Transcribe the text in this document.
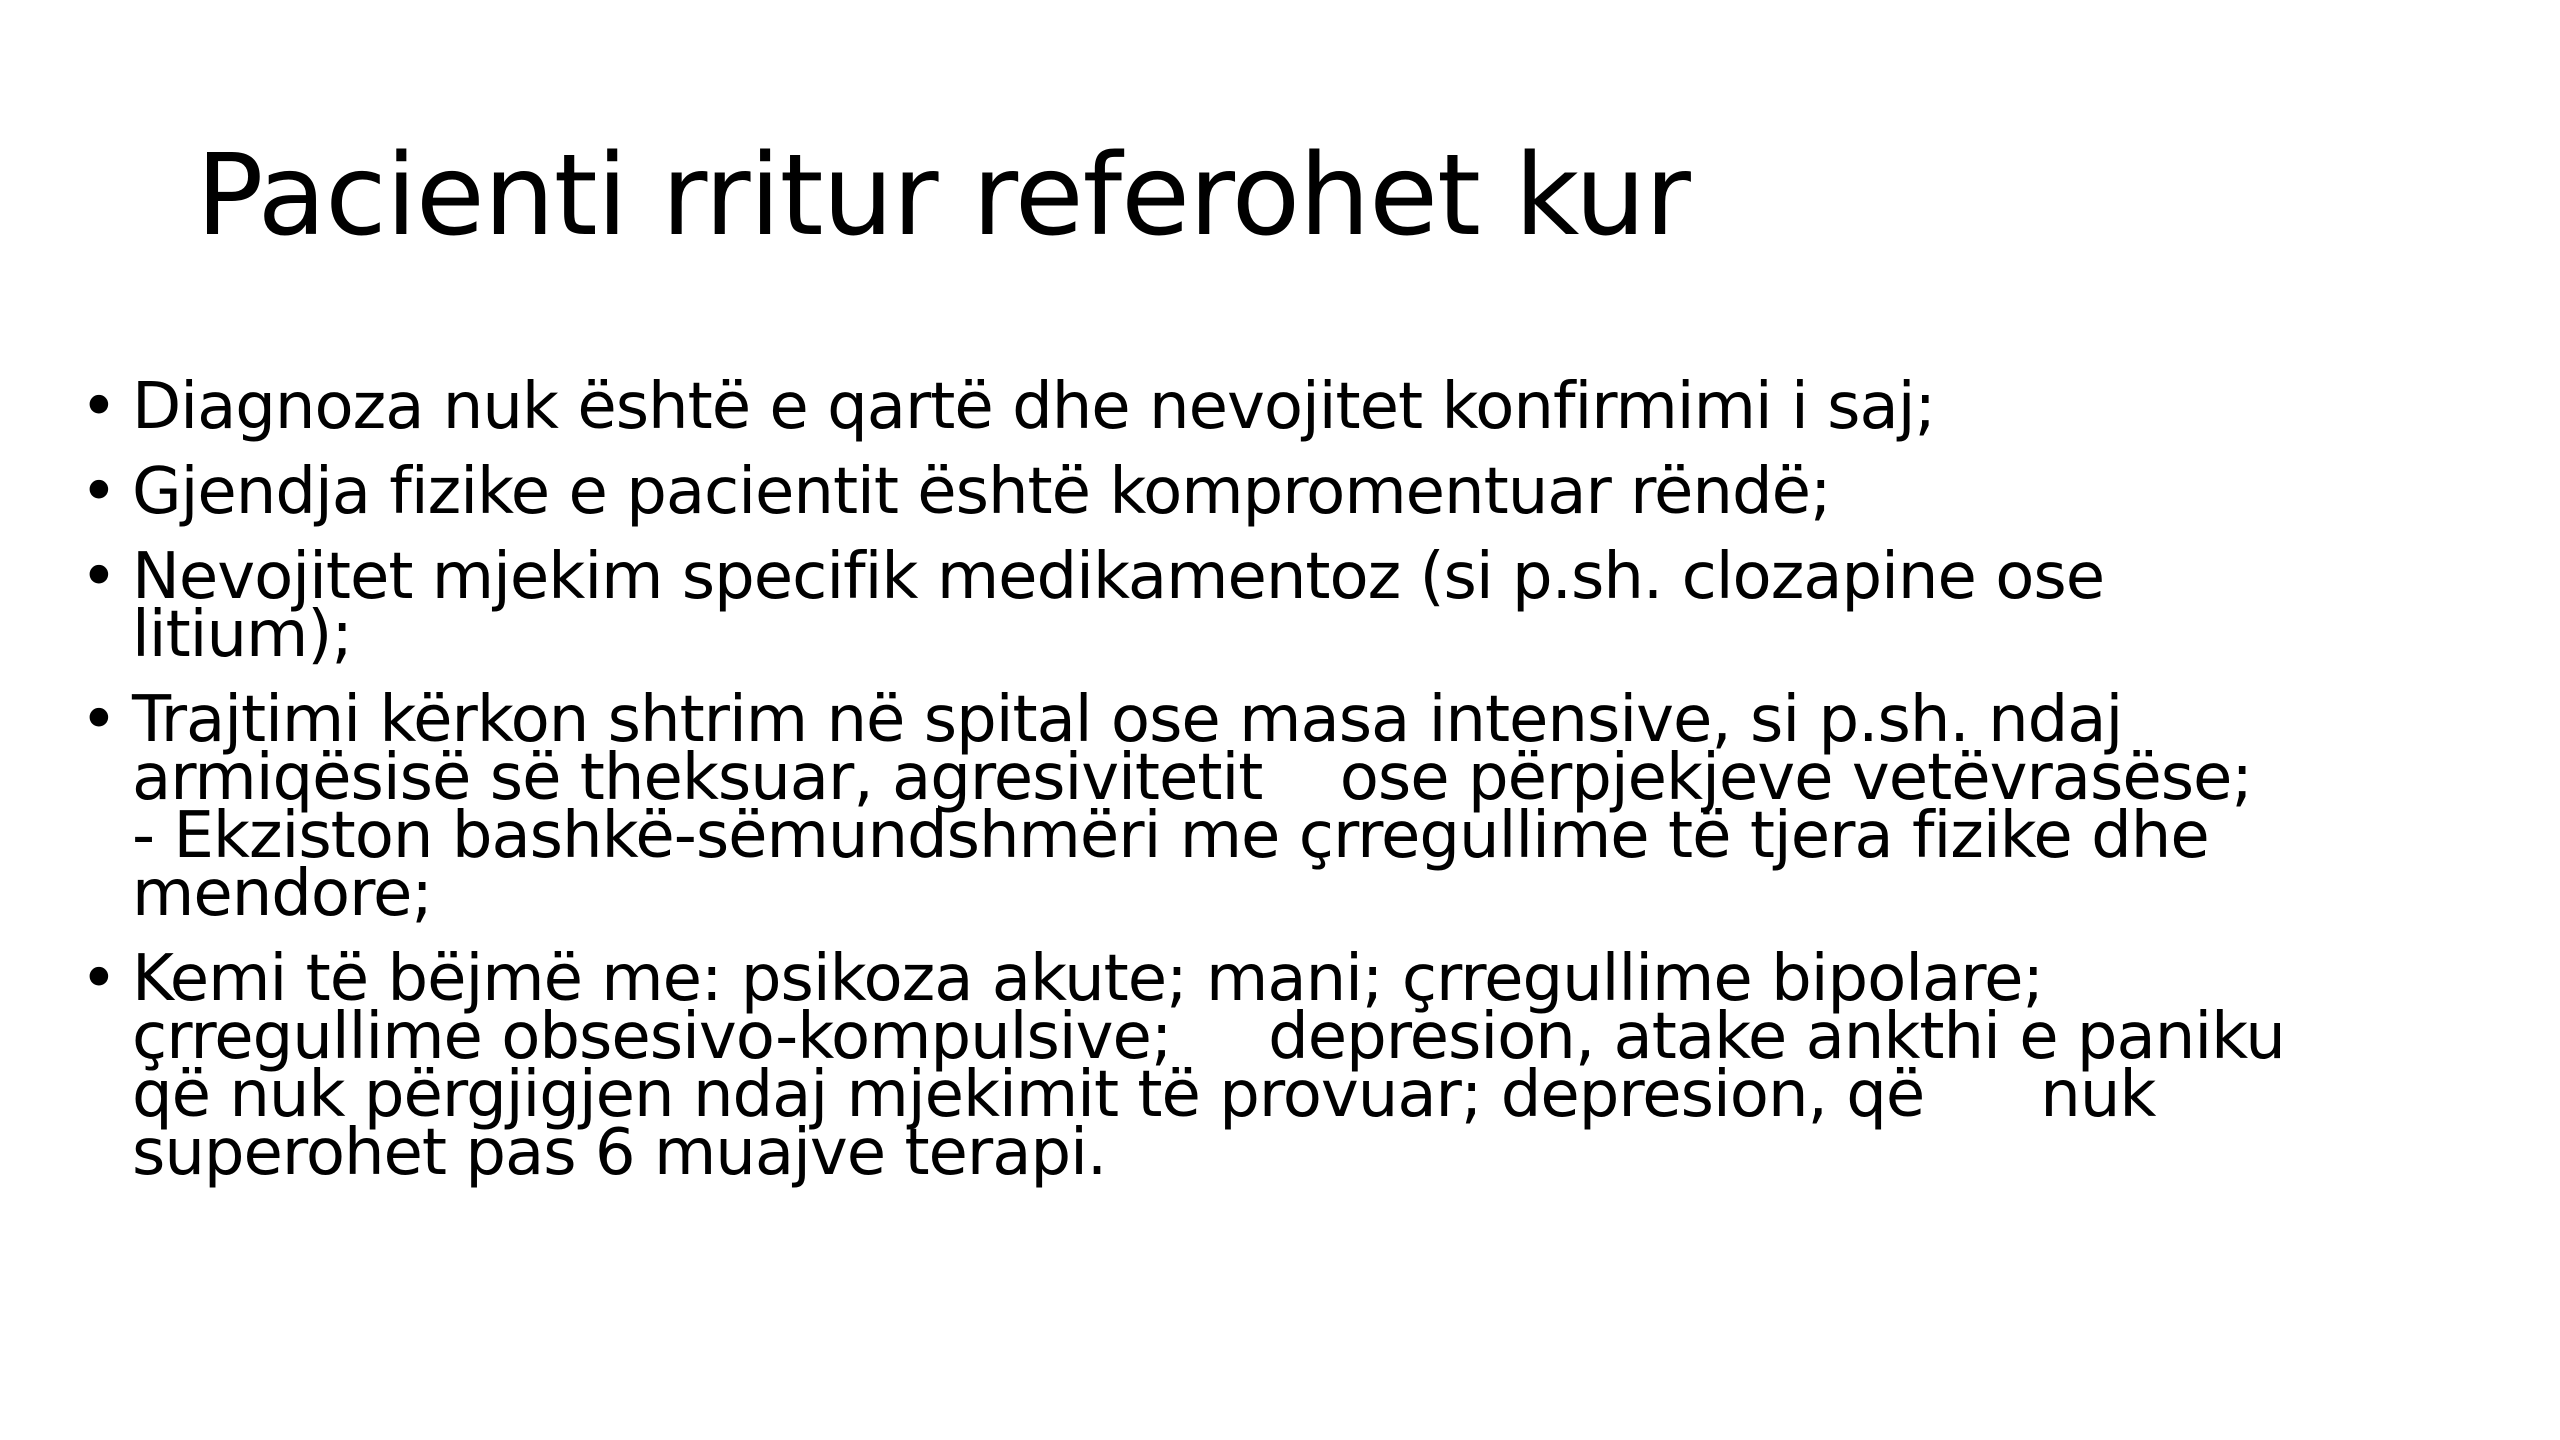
Pacienti rritur referohet kur
• Diagnoza nuk është e qartë dhe nevojitet konfirmimi i saj;
• Gjendja fizike e pacientit është kompromentuar rëndë;
• Nevojitet mjekim specifik medikamentoz (si p.sh. clozapine ose
litium);
• Trajtimi kërkon shtrim në spital ose masa intensive, si p.sh. ndaj
armiqësisë së theksuar, agresivitetit    ose përpjekjeve vetëvrasëse;
- Ekziston bashkë-sëmundshmëri me çrregullime të tjera fizike dhe
mendore;
• Kemi të bëjmë me: psikoza akute; mani; çrregullime bipolare;
çrregullime obsesivo-kompulsive;     depresion, atake ankthi e paniku
që nuk përgjigjen ndaj mjekimit të provuar; depresion, që      nuk
superohet pas 6 muajve terapi.
